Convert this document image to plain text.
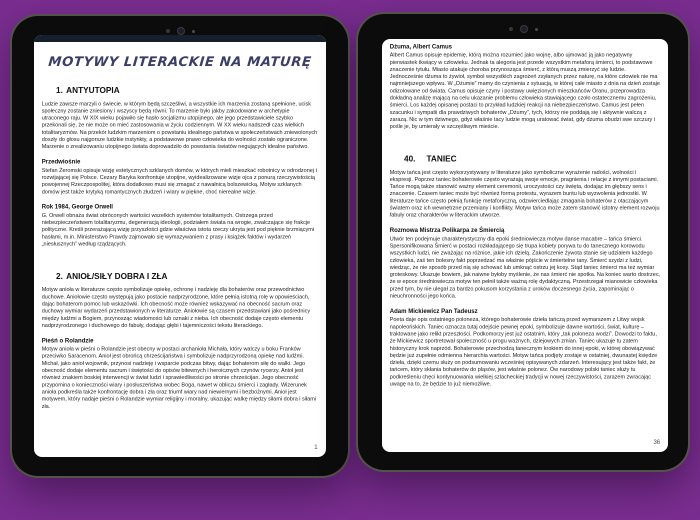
MOTYWY LITERACKIE NA MATURĘ
1. ANTYUTOPIA

Ludzie zawsze marzyli o świecie, w którym będą szczęśliwi, a wszystkie ich marzenia zostaną spełnione, ucisk społeczny zostanie zniesiony i wszyscy będą równi. To marzenie było jakby zakodowane w archetypie utraconego raju. W XIX wieku pojawiło się hasło socjalizmu utopijnego, ale jego przedstawiciele szybko przekonali się, że nie może on mieć zastosowania w życiu codziennym. W XX wieku nadszedł czas wielkich totalitaryzmów. Na przekór ludzkim marzeniom o powstaniu idealnego państwa w społeczeństwach zniewolonych doszły do głosu najgorsze ludzkie instynkty, a podstawowe prawo człowieka do wolności zostało ograniczone. Marzenie o zrealizowaniu utopijnego świata doprowadziło do powstania światów negujących idealne państwo.

Przedwiośnie

Stefan Żeromski opisuje wizję estetycznych szklanych domów, w których mieli mieszkać robotnicy w odrodzonej i rozwijającej się Polsce. Cezary Baryka konfrontuje utopijne, wyidealizowane wizje ojca z ponurą rzeczywistością powojennej Rzeczpospolitej, która dodatkowo musi się zmagać z nawałnicą bolszewicką. Motyw szklanych domów jest także krytyką romantycznych złudzeń i wiary w piękne, choć nierealne wizje.

Rok 1984, George Orwell

G. Orwell obnaża świat obróconych wartości wszelkich systemów totalitarnych. Ostrzega przed niebezpieczeństwem totalitaryzmu, degeneracją ideologii, podziałem świata na wrogie, zwalczające się frakcje polityczne. Kreśli przerażającą wizję przyszłości gdzie właściwa istota rzeczy ukryta jest pod pięknie brzmiącymi hasłami, m.in. Ministerstwo Prawdy zajmowało się wymazywaniem z prasy i książek faktów i wydarzeń „niesłusznych” według rządzących.

2. ANIOŁ/SIŁY DOBRA I ZŁA

Motyw anioła w literaturze często symbolizuje opiekę, ochronę i nadzieję dla bohaterów oraz przewodnictwo duchowe. Aniołowie często występują jako postacie nadprzyrodzone, które pełnią istotną rolę w opowieściach, dając bohaterom pomoc lub wskazówki. Ich obecność może również wskazywać na obecność sacrum oraz duchowy wymiar wydarzeń przedstawionych w literaturze. Aniołowie są czasem przedstawiani jako pośrednicy między ludźmi a Bogiem, przynosząc wiadomości lub oznaki z nieba. Ich obecność dodaje często elementu nadprzyrodzonego i duchowego do fabuły, dodając głębi i tajemniczości tekstu literackiego.

Pieśń o Rolandzie

Motyw anioła w pieśni o Rolandzie jest obecny w postaci archanioła Michała, który walczy u boku Franków przeciwko Saracenom. Anioł jest obrońcą chrześcijaństwa i symbolizuje nadprzyrodzoną opiekę nad ludźmi. Michał, jako anioł wojownik, przynosi nadzieję i wsparcie podczas bitwy, dając bohaterom siłę do walki. Jego obecność dodaje elementu sacrum i świętości do opisów bitewnych i heroicznych czynów rycerzy. Anioł jest również znakiem boskiej interwencji w świat ludzi i sprawiedliwości po stronie chrześcijan. Jego obecność przypomina o konieczności wiary i posłuszeństwa wobec Boga, nawet w obliczu śmierci i zagłady. Wizerunek anioła podkreśla także konfrontację dobra i zła oraz triumf wiary nad niewiernymi i bezbożnymi. Anioł jest motywem, który nadaje pieśni o Rolandzie wymiar religijny i moralny, ukazując walkę między siłami dobra i siłami zła.

1
Dżuma, Albert Camus

Albert Camus opisuje epidemię, którą można rozumieć jako wojnę, albo ujmować ją jako negatywny pierwiastek tkwiący w człowieku. Jednak ta alegoria jest przede wszystkim metaforą śmierci, to podstawowe znaczenie tytułu. Miasto atakuje choroba przynosząca śmierć, z którą muszą zmierzyć się ludzie. Jednocześnie dżuma to żywioł, symbol wszystkich zagrożeń zsyłanych przez naturę, na które człowiek nie ma najmniejszego wpływu. W „Dżumie” mamy do czynienia z sytuacją, w której całe miasto z dnia na dzień zostaje odizolowane od świata. Camus opisuje czyny i postawy uwięzionych mieszkańców Oranu, przeprowadza dokładną analizę mającą na celu ukazanie problemu człowieka stawiającego czoło ostatecznemu zagrożeniu, śmierci. Los każdej opisanej postaci to przykład ludzkiej reakcji na niebezpieczeństwo. Camus jest pełen szacunku i sympatii dla prawdziwych bohaterów „Dżumy”, tych, którzy nie poddają się i aktywnie walczą z zarazą. Nic w tym dziwnego, gdyż właśnie tacy ludzie mogą uratować świat, gdy dżuma obudzi swe szczury i pośle je, by umierały w szczęśliwym mieście.

40. TANIEC

Motyw tańca jest często wykorzystywany w literaturze jako symboliczne wyrażenie radości, wolności i ekspresji. Poprzez taniec bohaterowie często wyrażają swoje emocje, pragnienia i relacje z innymi postaciami. Tańce mogą także stanowić ważny element ceremonii, uroczystości czy święta, dodając im głębszy sens i znaczenie. Czasem taniec może być również formą protestu, wyrazem buntu lub wyzwolenia jednostki. W literaturze tańce często pełnią funkcję metaforyczną, odzwierciedlając zmagania bohaterów z otaczającym światem oraz ich wewnętrzne przemiany i konflikty. Motyw tańca może zatem stanowić istotny element rozwoju fabuły oraz charakterów w literackim utworze.

Rozmowa Mistrza Polikarpa ze Śmiercią

Utwór ten podejmuje charakterystyczny dla epoki średniowiecza motyw danse macabre – tańca śmierci. Spersonifikowana Śmierć w postaci rozkładającego się trupa kobiety porywa tu do tanecznego korowodu wszystkich ludzi, nie zważając na różnice, jakie ich dzielą. Zakończenie żywota stanie się udziałem każdego człowieka, zaś ten bolesny fakt poprzedzać ma właśnie pójście w śmiertelne tany. Śmierć szydzi z ludzi, wiedząc, że nie sposób przed nią się schować lub umknąć ostrzu jej kosy. Stąd taniec śmierci ma też wymiar groteskowy. Ukazuje bowiem, jak naiwne byłoby myślenie, że nas śmierć nie spotka. Na koniec warto dostrzec, że w epoce średniowiecza motyw ten pełnił także ważną rolę dydaktyczną. Przestrzegał mianowicie człowieka przed tym, by nie ulegał za bardzo pokusom korzystania z uroków doczesnego życia, zapominając o nieuchronności jego końca.

Adam Mickiewicz Pan Tadeusz

Poeta daje opis ostatniego poloneza, którego bohaterowie dzieła tańczą przed wymarszem z Litwy wojsk napoleońskich. Taniec oznacza tutaj odejście pewnej epoki, symbolizuje dawne wartości, świat, kulturę – traktowane jako relikt przeszłości. Podkomorzy jest już ostatnim, który „tak poloneza wodzi”. Dowodzi to faktu, że Mickiewicz sportretował społeczność u progu ważnych, dziejowych zmian. Taniec ukazuje tu zatem historyczny krok naprzód. Bohaterowie przechodzą tanecznym krokiem do innej epoki, w której obowiązywać będzie już zupełnie odmienna hierarchia wartości. Motyw tańca podjęty zostaje w ostatniej, dwunastej księdze dzieła, dzięki czemu służy on podsumowaniu wcześniej opisywanych zdarzeń. Interesujący jest także fakt, że tańcem, który skłania bohaterów do pląsów, jest właśnie polonez. Ów narodowy polski taniec służy tu podkreśleniu chęci kontynuowania wielkiej szlacheckiej tradycji w nowej rzeczywistości, zarazem zwracając uwagę na to, że będzie to już niemożliwe.

36
